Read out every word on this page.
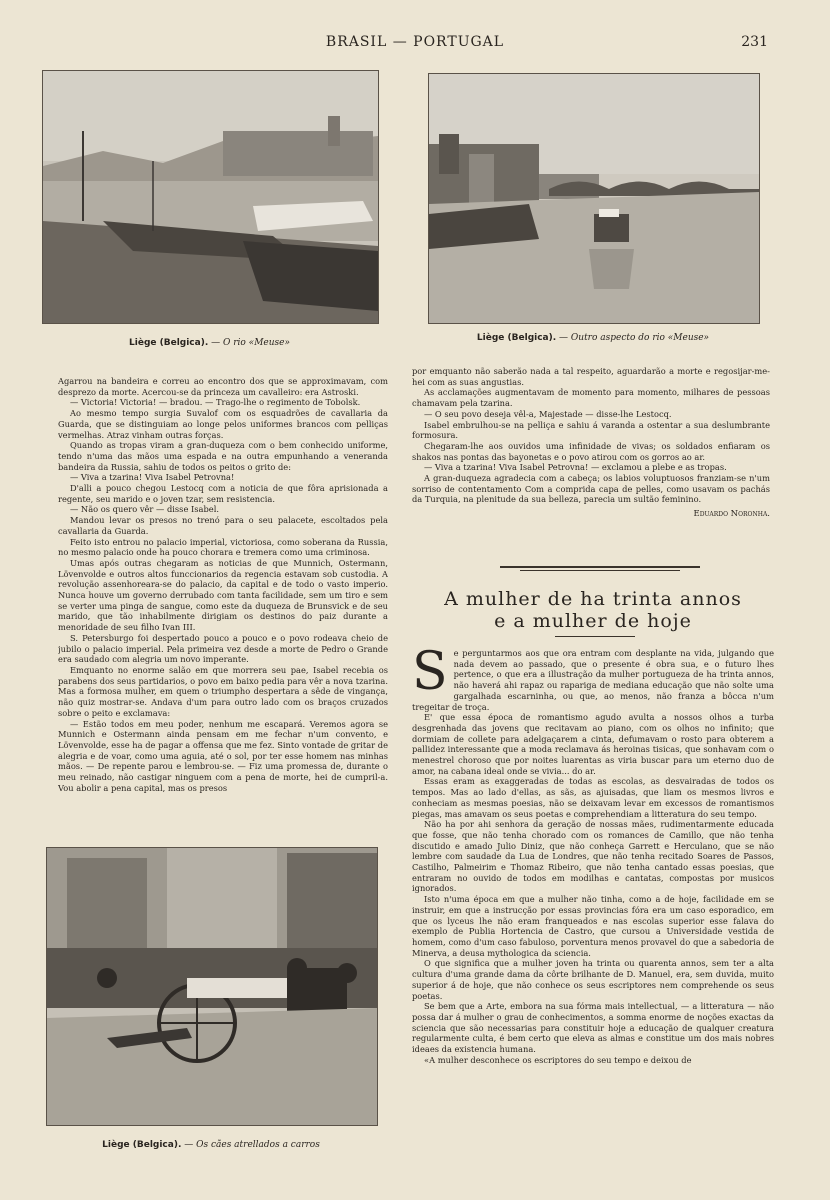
BRASIL — PORTUGAL	231
Liège (Belgica). — O rio «Meuse»	Liège (Belgica). — Outro aspecto do rio «Meuse»

Agarrou na bandeira e correu ao encontro dos que se approximavam, com desprezo da morte. Acercou-se da princeza um cavalleiro: era Astroski.

— Victoria! Victoria! — bradou. — Trago-lhe o regimento de Tobolsk.

Ao mesmo tempo surgia Suvalof com os esquadrões de cavallaria da Guarda, que se distinguiam ao longe pelos uniformes brancos com pelliças vermelhas. Atraz vinham outras forças.

Quando as tropas viram a gran-duqueza com o bem conhecido uniforme, tendo n'uma das mãos uma espada e na outra empunhando a veneranda bandeira da Russia, sahiu de todos os peitos o grito de:

— Viva a tzarina! Viva Isabel Petrovna!

D'alli a pouco chegou Lestocq com a noticia de que fôra aprisionada a regente, seu marido e o joven tzar, sem resistencia.

— Não os quero vêr — disse Isabel.

Mandou levar os presos no trenó para o seu palacete, escoltados pela cavallaria da Guarda.

Feito isto entrou no palacio imperial, victoriosa, como soberana da Russia, no mesmo palacio onde ha pouco chorara e tremera como uma criminosa.

Umas após outras chegaram as noticias de que Munnich, Ostermann, Lövenvolde e outros altos funccionarios da regencia estavam sob custodia. A revolução assenhoreara-se do palacio, da capital e de todo o vasto imperio. Nunca houve um governo derrubado com tanta facilidade, sem um tiro e sem se verter uma pinga de sangue, como este da duqueza de Brunsvick e de seu marido, que tão inhabilmente dirigiam os destinos do paiz durante a menoridade de seu filho Ivan III.

S. Petersburgo foi despertado pouco a pouco e o povo rodeava cheio de jubilo o palacio imperial. Pela primeira vez desde a morte de Pedro o Grande era saudado com alegria um novo imperante.

Emquanto no enorme salão em que morrera seu pae, Isabel recebia os parabens dos seus partidarios, o povo em baixo pedia para vêr a nova tzarina. Mas a formosa mulher, em quem o triumpho despertara a sêde de vingança, não quiz mostrar-se. Andava d'um para outro lado com os braços cruzados sobre o peito e exclamava:

— Estão todos em meu poder, nenhum me escapará. Veremos agora se Munnich e Ostermann ainda pensam em me fechar n'um convento, e Lövenvolde, esse ha de pagar a offensa que me fez. Sinto vontade de gritar de alegria e de voar, como uma aguia, até o sol, por ter esse homem nas minhas mãos. — De repente parou e lembrou-se. — Fiz uma promessa de, durante o meu reinado, não castigar ninguem com a pena de morte, hei de cumpril-a. Vou abolir a pena capital, mas os presos

por emquanto não saberão nada a tal respeito, aguardarão a morte e regosijar-me-hei com as suas angustias.

As acclamações augmentavam de momento para momento, milhares de pessoas chamavam pela tzarina.

— O seu povo deseja vêl-a, Majestade — disse-lhe Lestocq.

Isabel embrulhou-se na pelliça e sahiu á varanda a ostentar a sua deslumbrante formosura.

Chegaram-lhe aos ouvidos uma infinidade de vivas; os soldados enfiaram os shakos nas pontas das bayonetas e o povo atirou com os gorros ao ar.

— Viva a tzarina! Viva Isabel Petrovna! — exclamou a plebe e as tropas.

A gran-duqueza agradecia com a cabeça; os labios voluptuosos franziam-se n'um sorriso de contentamento Com a comprida capa de pelles, como usavam os pachás da Turquia, na plenitude da sua belleza, parecia um sultão feminino.

Eduardo Noronha.
A mulher de ha trinta annos
e a mulher de hoje
S e perguntarmos aos que ora entram com desplante na vida, julgando que nada devem ao passado, que o presente é obra sua, e o futuro lhes pertence, o que era a illustração da mulher portugueza de ha trinta annos, não haverá ahi rapaz ou rapariga de mediana educação que não solte uma gargalhada escarninha, ou que, ao menos, não franza a bôcca n'um tregeitar de troça.

E' que essa época de romantismo agudo avulta a nossos olhos a turba desgrenhada das jovens que recitavam ao piano, com os olhos no infinito; que dormiam de collete para adelgaçarem a cinta, defumavam o rosto para obterem a pallidez interessante que a moda reclamava ás heroinas tisicas, que sonhavam com o menestrel choroso que por noites luarentas as viria buscar para um eterno duo de amor, na cabana ideal onde se vivia... do ar.

Essas eram as exaggeradas de todas as escolas, as desvairadas de todos os tempos. Mas ao lado d'ellas, as sãs, as ajuisadas, que liam os mesmos livros e conheciam as mesmas poesias, não se deixavam levar em excessos de romantismos piegas, mas amavam os seus poetas e comprehendiam a litteratura do seu tempo.

Não ha por ahi senhora da geração de nossas mães, rudimentarmente educada que fosse, que não tenha chorado com os romances de Camillo, que não tenha discutido e amado Julio Diniz, que não conheça Garrett e Herculano, que se não lembre com saudade da Lua de Londres, que não tenha recitado Soares de Passos, Castilho, Palmeirim e Thomaz Ribeiro, que não tenha cantado essas poesias, que entraram no ouvido de todos em modilhas e cantatas, compostas por musicos ignorados.

Isto n'uma época em que a mulher não tinha, como a de hoje, facilidade em se instruir, em que a instrucção por essas provincias fóra era um caso esporadico, em que os lyceus lhe não eram franqueados e nas escolas superior esse falava do exemplo de Publia Hortencia de Castro, que cursou a Universidade vestida de homem, como d'um caso fabuloso, porventura menos provavel do que a sabedoria de Minerva, a deusa mythologica da sciencia.

O que significa que a mulher joven ha trinta ou quarenta annos, sem ter a alta cultura d'uma grande dama da côrte brilhante de D. Manuel, era, sem duvida, muito superior á de hoje, que não conhece os seus escriptores nem comprehende os seus poetas.

Se bem que a Arte, embora na sua fórma mais intellectual, — a litteratura — não possa dar á mulher o grau de conhecimentos, a somma enorme de noções exactas da sciencia que são necessarias para constituir hoje a educação de qualquer creatura regularmente culta, é bem certo que eleva as almas e constitue um dos mais nobres ideaes da existencia humana.

«A mulher desconhece os escriptores do seu tempo e deixou de

Liège (Belgica). — Os cães atrellados a carros
